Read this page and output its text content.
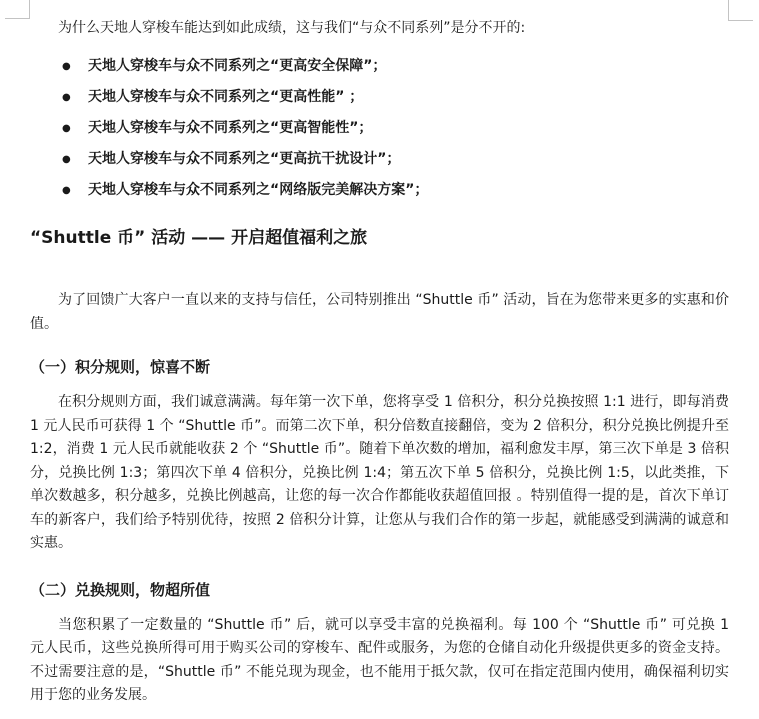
为什么天地人穿梭车能达到如此成绩，这与我们“与众不同系列”是分不开的:

●	天地人穿梭车与众不同系列之“更高安全保障”；
●	天地人穿梭车与众不同系列之“更高性能” ；
●	天地人穿梭车与众不同系列之“更高智能性”；
●	天地人穿梭车与众不同系列之“更高抗干扰设计”；
●	天地人穿梭车与众不同系列之“网络版完美解决方案”；
“Shuttle 币” 活动 —— 开启超值福利之旅

为了回馈广大客户一直以来的支持与信任，公司特别推出 “Shuttle 币” 活动，旨在为您带来更多的实惠和价值。

（一）积分规则，惊喜不断

在积分规则方面，我们诚意满满。每年第一次下单，您将享受 1 倍积分，积分兑换按照 1:1 进行，即每消费 1 元人民币可获得 1 个 “Shuttle 币”。而第二次下单，积分倍数直接翻倍，变为 2 倍积分，积分兑换比例提升至 1:2，消费 1 元人民币就能收获 2 个 “Shuttle 币”。随着下单次数的增加，福利愈发丰厚，第三次下单是 3 倍积分，兑换比例 1:3；第四次下单 4 倍积分，兑换比例 1:4；第五次下单 5 倍积分，兑换比例 1:5，以此类推，下单次数越多，积分越多，兑换比例越高，让您的每一次合作都能收获超值回报 。特别值得一提的是，首次下单订车的新客户，我们给予特别优待，按照 2 倍积分计算，让您从与我们合作的第一步起，就能感受到满满的诚意和实惠。

（二）兑换规则，物超所值

当您积累了一定数量的 “Shuttle 币” 后，就可以享受丰富的兑换福利。每 100 个 “Shuttle 币” 可兑换 1 元人民币，这些兑换所得可用于购买公司的穿梭车、配件或服务，为您的仓储自动化升级提供更多的资金支持。不过需要注意的是，“Shuttle 币” 不能兑现为现金，也不能用于抵欠款，仅可在指定范围内使用，确保福利切实用于您的业务发展。
